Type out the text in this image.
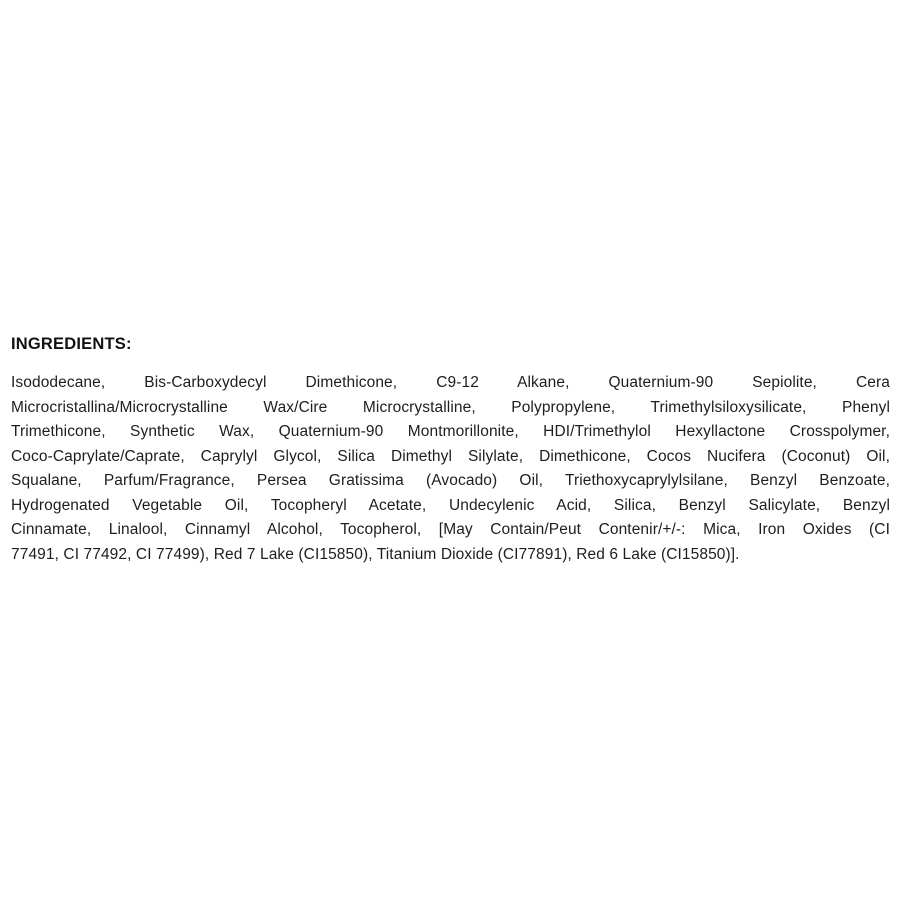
INGREDIENTS:
Isododecane, Bis-Carboxydecyl Dimethicone, C9-12 Alkane, Quaternium-90 Sepiolite, Cera
Microcristallina/Microcrystalline Wax/Cire Microcrystalline, Polypropylene, Trimethylsiloxysilicate, Phenyl
Trimethicone, Synthetic Wax, Quaternium-90 Montmorillonite, HDI/Trimethylol Hexyllactone Crosspolymer,
Coco-Caprylate/Caprate, Caprylyl Glycol, Silica Dimethyl Silylate, Dimethicone, Cocos Nucifera (Coconut) Oil,
Squalane, Parfum/Fragrance, Persea Gratissima (Avocado) Oil, Triethoxycaprylylsilane, Benzyl Benzoate,
Hydrogenated Vegetable Oil, Tocopheryl Acetate, Undecylenic Acid, Silica, Benzyl Salicylate, Benzyl
Cinnamate, Linalool, Cinnamyl Alcohol, Tocopherol, [May Contain/Peut Contenir/+/-: Mica, Iron Oxides (CI
77491, CI 77492, CI 77499), Red 7 Lake (CI15850), Titanium Dioxide (CI77891), Red 6 Lake (CI15850)].
